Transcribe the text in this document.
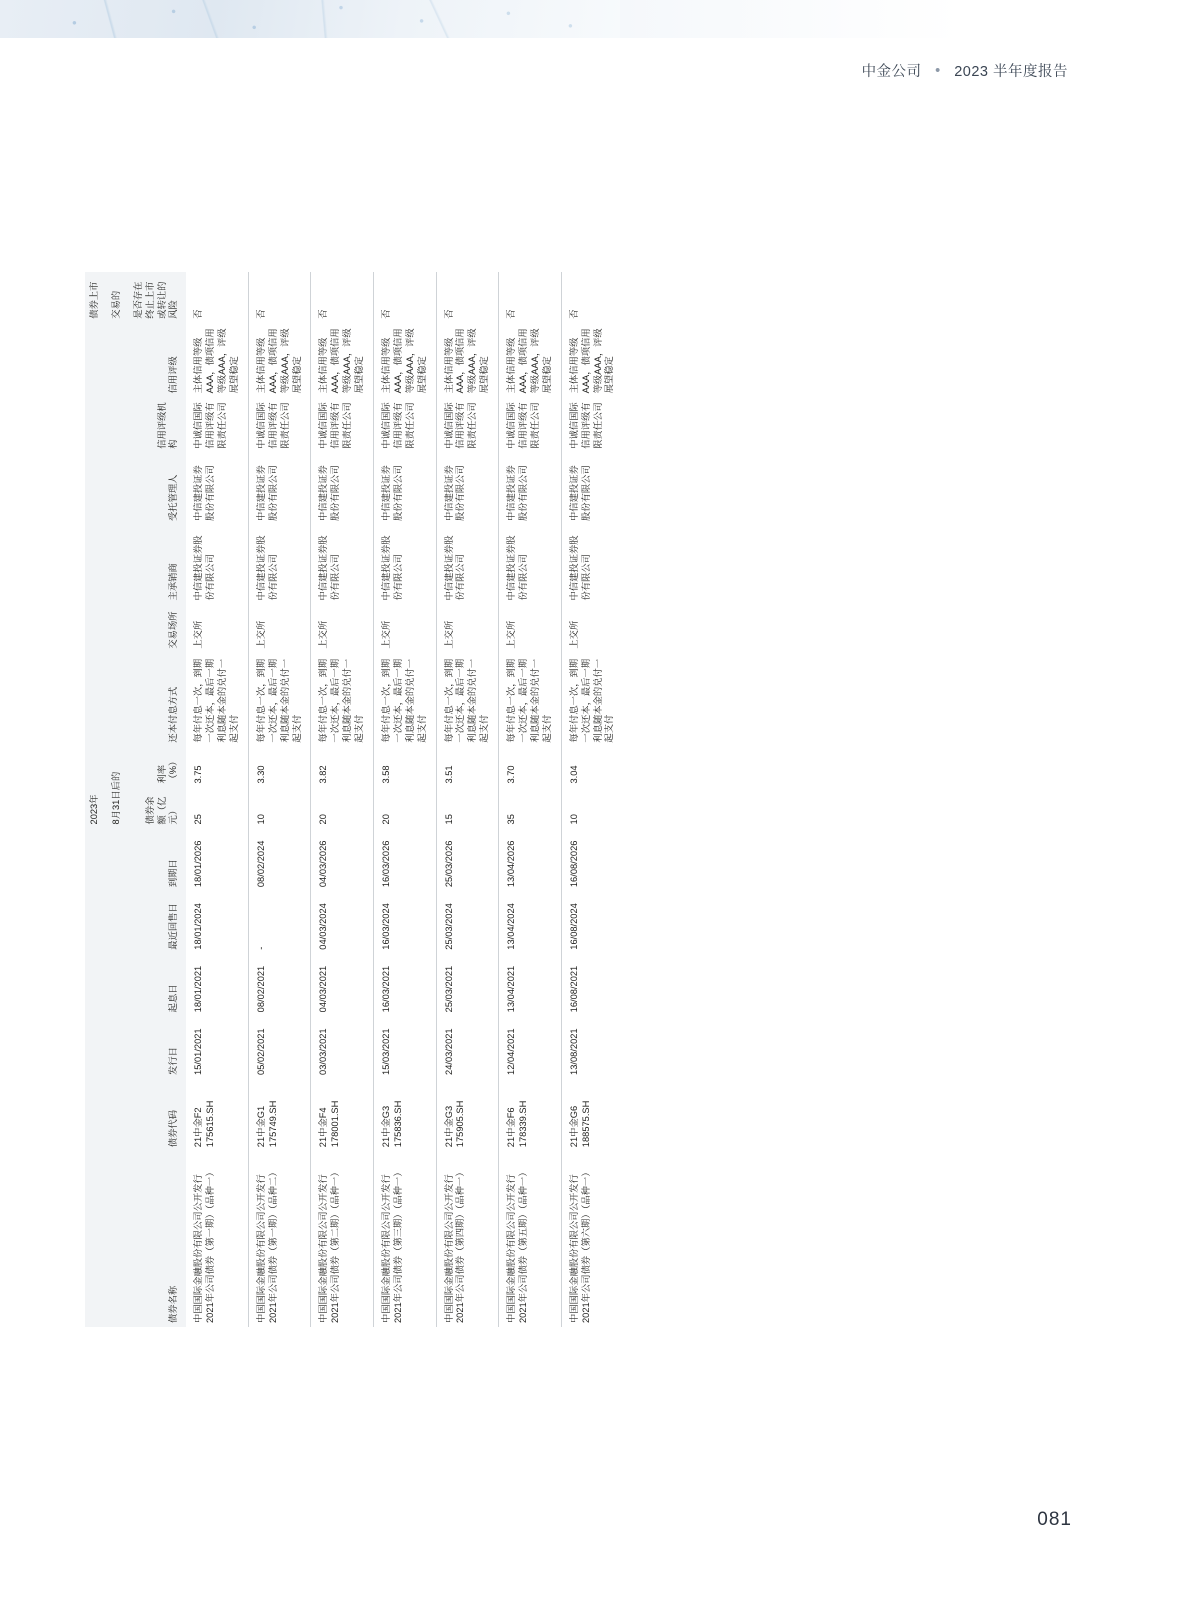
中金公司 • 2023 半年度报告
						2023年								债券上市
						8月31日后的								交易的
债券名称	债券代码	发行日	起息日	最近回售日	到期日	债券余额（亿元）	利率（%）	还本付息方式	交易场所	主承销商	受托管理人	信用评级机构	信用评级	是否存在终止上市或转让的风险
中国国际金融股份有限公司公开发行2021年公司债券（第一期）（品种一）	21中金F2 175615.SH	15/01/2021	18/01/2021	18/01/2024	18/01/2026	25	3.75	每年付息一次，到期一次还本，最后一期利息随本金的兑付一起支付	上交所	中信建投证券股份有限公司	中信建投证券股份有限公司	中诚信国际信用评级有限责任公司	主体信用等级AAA，债项信用等级AAA，评级展望稳定	否
中国国际金融股份有限公司公开发行2021年公司债券（第一期）（品种二）	21中金G1 175749.SH	05/02/2021	08/02/2021	-	08/02/2024	10	3.30	每年付息一次，到期一次还本，最后一期利息随本金的兑付一起支付	上交所	中信建投证券股份有限公司	中信建投证券股份有限公司	中诚信国际信用评级有限责任公司	主体信用等级AAA，债项信用等级AAA，评级展望稳定	否
中国国际金融股份有限公司公开发行2021年公司债券（第二期）（品种一）	21中金F4 178001.SH	03/03/2021	04/03/2021	04/03/2024	04/03/2026	20	3.82	每年付息一次，到期一次还本，最后一期利息随本金的兑付一起支付	上交所	中信建投证券股份有限公司	中信建投证券股份有限公司	中诚信国际信用评级有限责任公司	主体信用等级AAA，债项信用等级AAA，评级展望稳定	否
中国国际金融股份有限公司公开发行2021年公司债券（第三期）（品种一）	21中金G3 175836.SH	15/03/2021	16/03/2021	16/03/2024	16/03/2026	20	3.58	每年付息一次，到期一次还本，最后一期利息随本金的兑付一起支付	上交所	中信建投证券股份有限公司	中信建投证券股份有限公司	中诚信国际信用评级有限责任公司	主体信用等级AAA，债项信用等级AAA，评级展望稳定	否
中国国际金融股份有限公司公开发行2021年公司债券（第四期）（品种一）	21中金G3 175905.SH	24/03/2021	25/03/2021	25/03/2024	25/03/2026	15	3.51	每年付息一次，到期一次还本，最后一期利息随本金的兑付一起支付	上交所	中信建投证券股份有限公司	中信建投证券股份有限公司	中诚信国际信用评级有限责任公司	主体信用等级AAA，债项信用等级AAA，评级展望稳定	否
中国国际金融股份有限公司公开发行2021年公司债券（第五期）（品种一）	21中金F6 178339.SH	12/04/2021	13/04/2021	13/04/2024	13/04/2026	35	3.70	每年付息一次，到期一次还本，最后一期利息随本金的兑付一起支付	上交所	中信建投证券股份有限公司	中信建投证券股份有限公司	中诚信国际信用评级有限责任公司	主体信用等级AAA，债项信用等级AAA，评级展望稳定	否
中国国际金融股份有限公司公开发行2021年公司债券（第六期）（品种一）	21中金G6 188575.SH	13/08/2021	16/08/2021	16/08/2024	16/08/2026	10	3.04	每年付息一次，到期一次还本，最后一期利息随本金的兑付一起支付	上交所	中信建投证券股份有限公司	中信建投证券股份有限公司	中诚信国际信用评级有限责任公司	主体信用等级AAA，债项信用等级AAA，评级展望稳定	否
081
